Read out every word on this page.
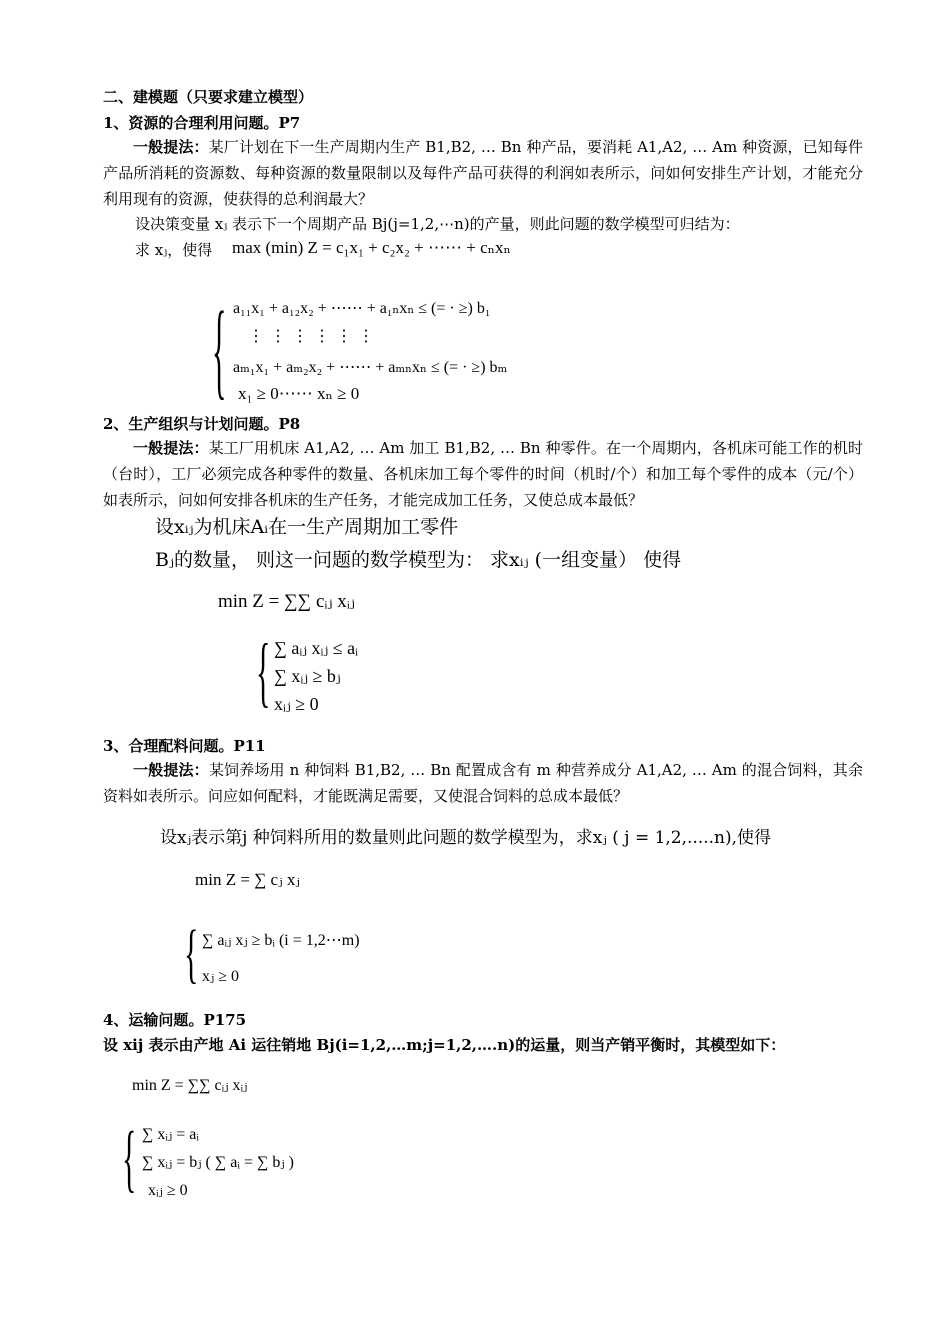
二、建模题（只要求建立模型）
1、资源的合理利用问题。P7
一般提法：某厂计划在下一生产周期内生产 B1,B2, … Bn 种产品，要消耗 A1,A2, … Am 种资源，已知每件产品所消耗的资源数、每种资源的数量限制以及每件产品可获得的利润如表所示，问如何安排生产计划，才能充分利用现有的资源，使获得的总利润最大？
设决策变量 xⱼ 表示下一个周期产品 Bj(j=1,2,⋯n)的产量，则此问题的数学模型可归结为：
求 xⱼ，使得 max (min) Z = c₁x₁ + c₂x₂ + ⋯⋯ + cₙxₙ
{ a₁₁x₁ + a₁₂x₂ + ⋯⋯ + a₁ₙxₙ ≤ (= · ≥) b₁
⋮ ⋮ ⋮ ⋮ ⋮ ⋮
aₘ₁x₁ + aₘ₂x₂ + ⋯⋯ + aₘₙxₙ ≤ (= · ≥) bₘ
x₁ ≥ 0⋯⋯ xₙ ≥ 0
2、生产组织与计划问题。P8
一般提法：某工厂用机床 A1,A2, … Am 加工 B1,B2, … Bn 种零件。在一个周期内，各机床可能工作的机时（台时），工厂必须完成各种零件的数量、各机床加工每个零件的时间（机时/个）和加工每个零件的成本（元/个）如表所示，问如何安排各机床的生产任务，才能完成加工任务，又使总成本最低？
设xᵢⱼ为机床Aᵢ在一生产周期加工零件
Bⱼ的数量， 则这一问题的数学模型为： 求xᵢⱼ (一组变量） 使得
min Z = ∑∑ cᵢⱼ xᵢⱼ
{ ∑ aᵢⱼ xᵢⱼ ≤ aᵢ
∑ xᵢⱼ ≥ bⱼ
xᵢⱼ ≥ 0
3、合理配料问题。P11
一般提法：某饲养场用 n 种饲料 B1,B2, … Bn 配置成含有 m 种营养成分 A1,A2, … Am 的混合饲料，其余资料如表所示。问应如何配料，才能既满足需要，又使混合饲料的总成本最低？
设xⱼ表示第j 种饲料所用的数量则此问题的数学模型为，求xⱼ ( j = 1,2,.....n),使得
min Z = ∑ cⱼ xⱼ
{ ∑ aᵢⱼ xⱼ ≥ bᵢ (i = 1,2⋯m)
xⱼ ≥ 0
4、运输问题。P175
设 xij 表示由产地 Ai 运往销地 Bj(i=1,2,…m;j=1,2,….n)的运量，则当产销平衡时，其模型如下：
min Z = ∑∑ cᵢⱼ xᵢⱼ
{ ∑ xᵢⱼ = aᵢ
∑ xᵢⱼ = bⱼ ( ∑ aᵢ = ∑ bⱼ )
xᵢⱼ ≥ 0
